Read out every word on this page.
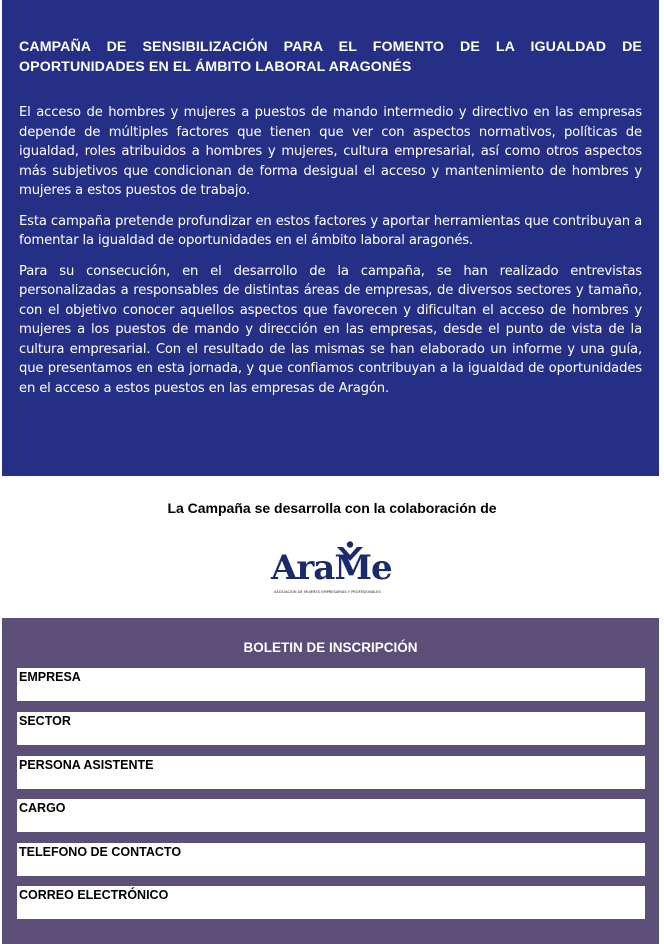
CAMPAÑA DE SENSIBILIZACIÓN PARA EL FOMENTO DE LA IGUALDAD DE OPORTUNIDADES EN EL ÁMBITO LABORAL ARAGONÉS

El acceso de hombres y mujeres a puestos de mando intermedio y directivo en las empresas depende de múltiples factores que tienen que ver con aspectos normativos, políticas de igualdad, roles atribuidos a hombres y mujeres, cultura empresarial, así como otros aspectos más subjetivos que condicionan de forma desigual el acceso y mantenimiento de hombres y mujeres a estos puestos de trabajo.

Esta campaña pretende profundizar en estos factores y aportar herramientas que contribuyan a fomentar la igualdad de oportunidades en el ámbito laboral aragonés.

Para su consecución, en el desarrollo de la campaña, se han realizado entrevistas personalizadas a responsables de distintas áreas de empresas, de diversos sectores y tamaño, con el objetivo conocer aquellos aspectos que favorecen y dificultan el acceso de hombres y mujeres a los puestos de mando y dirección en las empresas, desde el punto de vista de la cultura empresarial. Con el resultado de las mismas se han elaborado un informe y una guía, que presentamos en esta jornada, y que confiamos contribuyan a la igualdad de oportunidades en el acceso a estos puestos en las empresas de Aragón.

La Campaña se desarrolla con la colaboración de

AraMe
ASOCIACIÓN DE MUJERES EMPRESARIAS Y PROFESIONALES
BOLETIN DE INSCRIPCIÓN
EMPRESA
SECTOR
PERSONA ASISTENTE
CARGO
TELEFONO DE CONTACTO
CORREO ELECTRÓNICO
